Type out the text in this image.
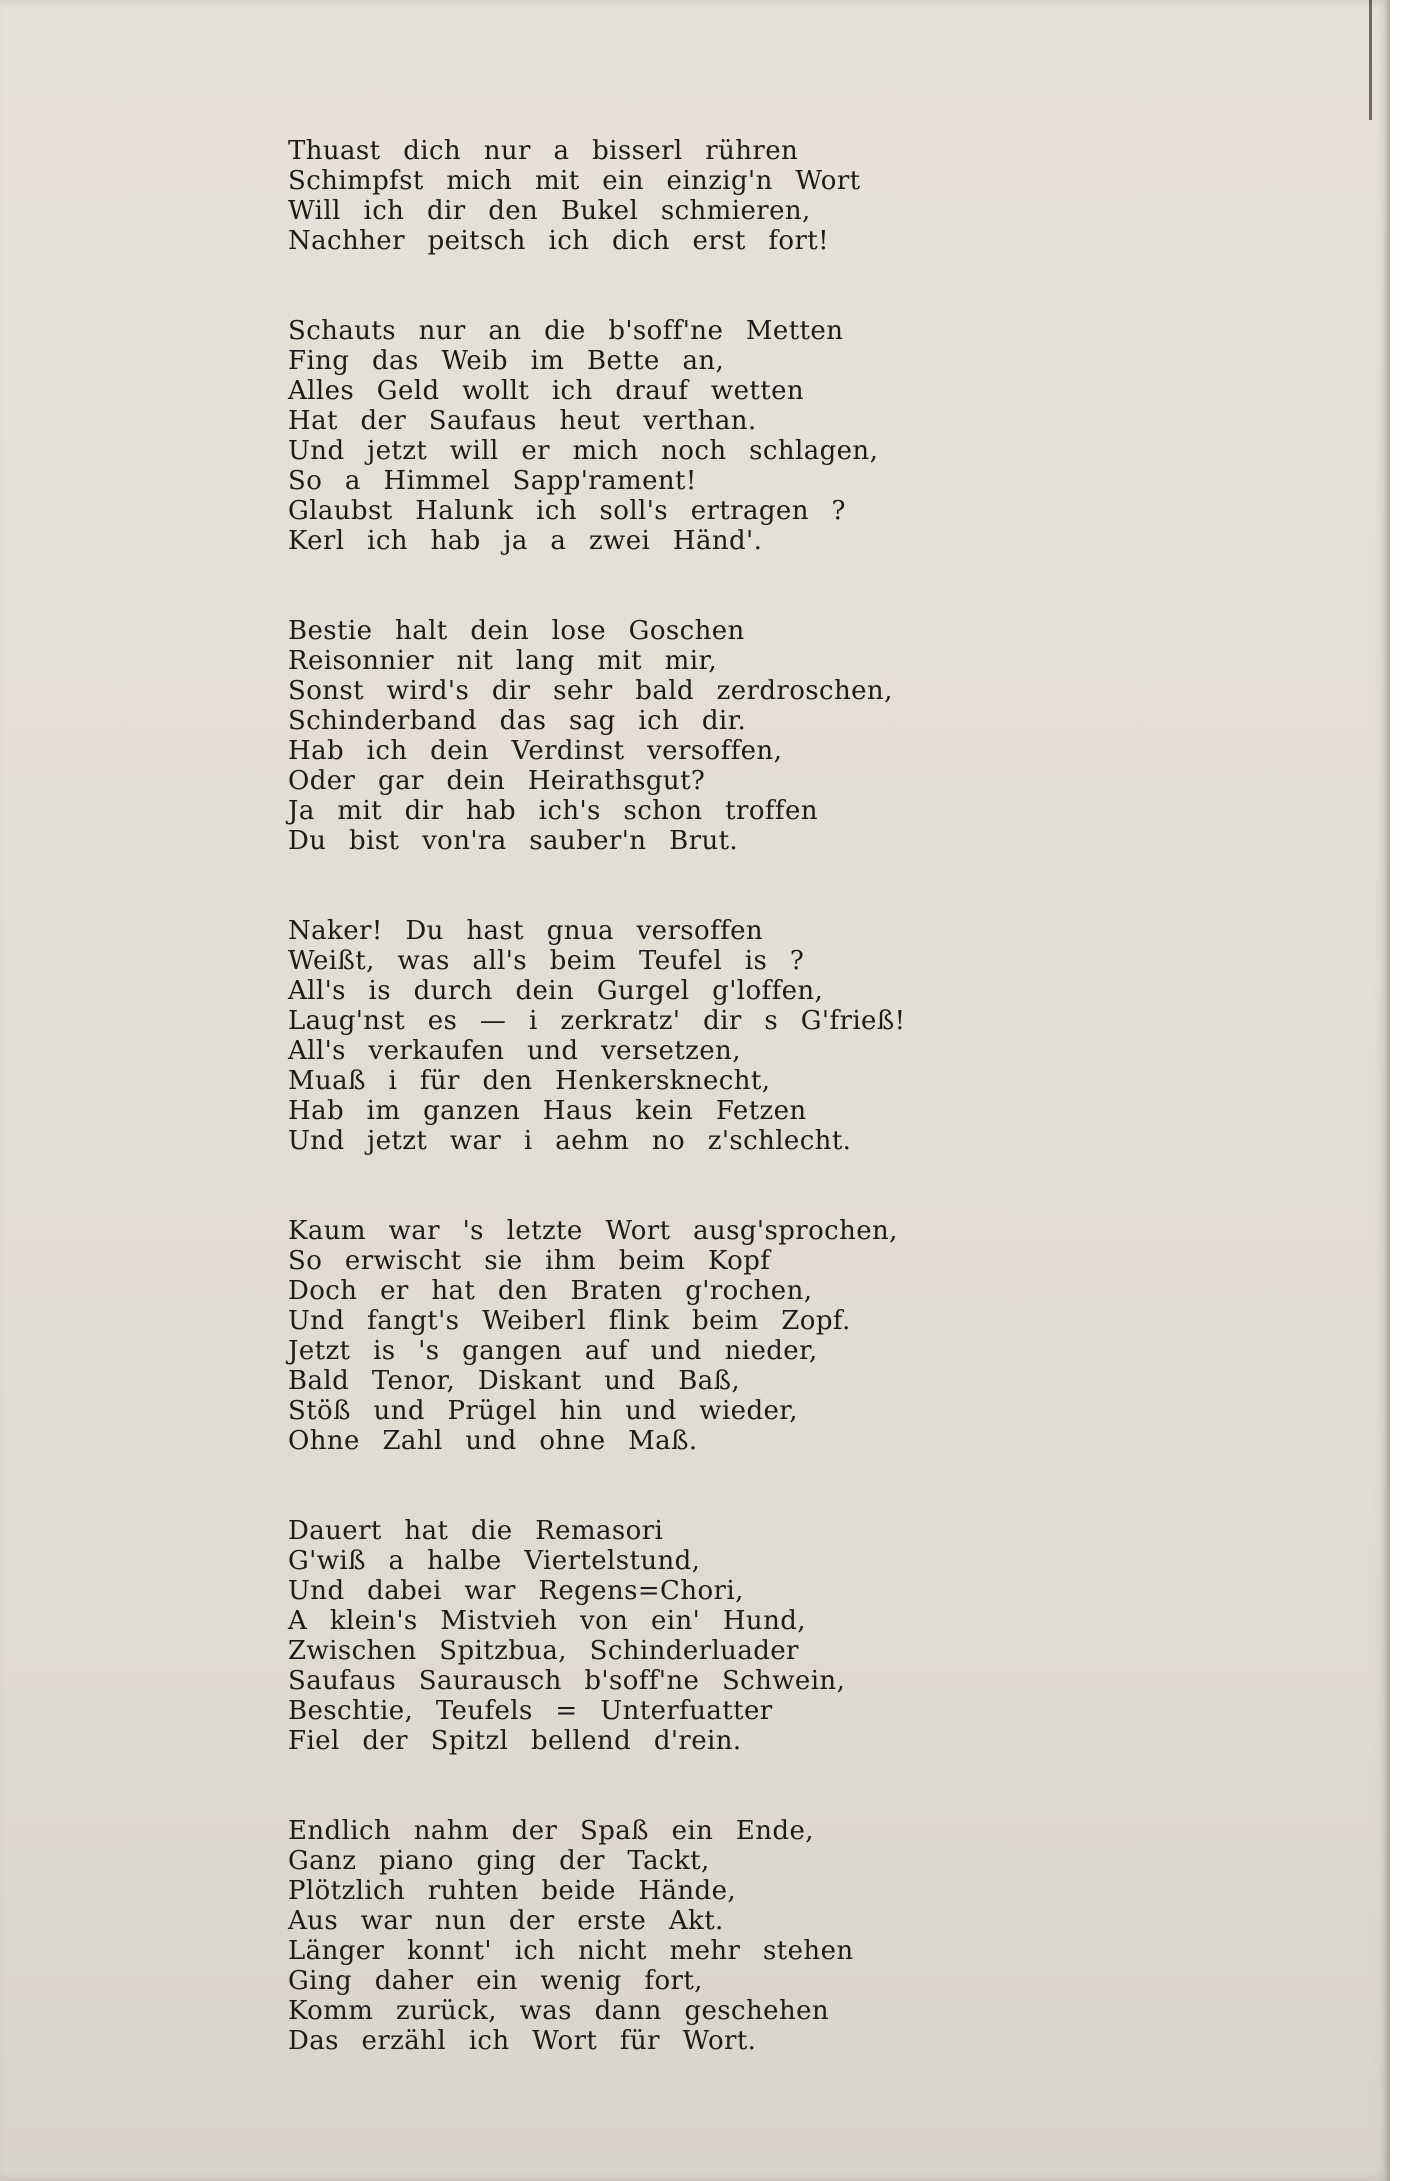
Thuast dich nur a bisserl rühren
Schimpfst mich mit ein einzig'n Wort
Will ich dir den Bukel schmieren,
Nachher peitsch ich dich erst fort!
Schauts nur an die b'soff'ne Metten
Fing das Weib im Bette an,
Alles Geld wollt ich drauf wetten
Hat der Saufaus heut verthan.
Und jetzt will er mich noch schlagen,
So a Himmel Sapp'rament!
Glaubst Halunk ich soll's ertragen ?
Kerl ich hab ja a zwei Händ'.
Bestie halt dein lose Goschen
Reisonnier nit lang mit mir,
Sonst wird's dir sehr bald zerdroschen,
Schinderband das sag ich dir.
Hab ich dein Verdinst versoffen,
Oder gar dein Heirathsgut?
Ja mit dir hab ich's schon troffen
Du bist von'ra sauber'n Brut.
Naker! Du hast gnua versoffen
Weißt, was all's beim Teufel is ?
All's is durch dein Gurgel g'loffen,
Laug'nst es — i zerkratz' dir s G'frieß!
All's verkaufen und versetzen,
Muaß i für den Henkersknecht,
Hab im ganzen Haus kein Fetzen
Und jetzt war i aehm no z'schlecht.
Kaum war 's letzte Wort ausg'sprochen,
So erwischt sie ihm beim Kopf
Doch er hat den Braten g'rochen,
Und fangt's Weiberl flink beim Zopf.
Jetzt is 's gangen auf und nieder,
Bald Tenor, Diskant und Baß,
Stöß und Prügel hin und wieder,
Ohne Zahl und ohne Maß.
Dauert hat die Remasori
G'wiß a halbe Viertelstund,
Und dabei war Regens=Chori,
A klein's Mistvieh von ein' Hund,
Zwischen Spitzbua, Schinderluader
Saufaus Saurausch b'soff'ne Schwein,
Beschtie, Teufels = Unterfuatter
Fiel der Spitzl bellend d'rein.
Endlich nahm der Spaß ein Ende,
Ganz piano ging der Tackt,
Plötzlich ruhten beide Hände,
Aus war nun der erste Akt.
Länger konnt' ich nicht mehr stehen
Ging daher ein wenig fort,
Komm zurück, was dann geschehen
Das erzähl ich Wort für Wort.
